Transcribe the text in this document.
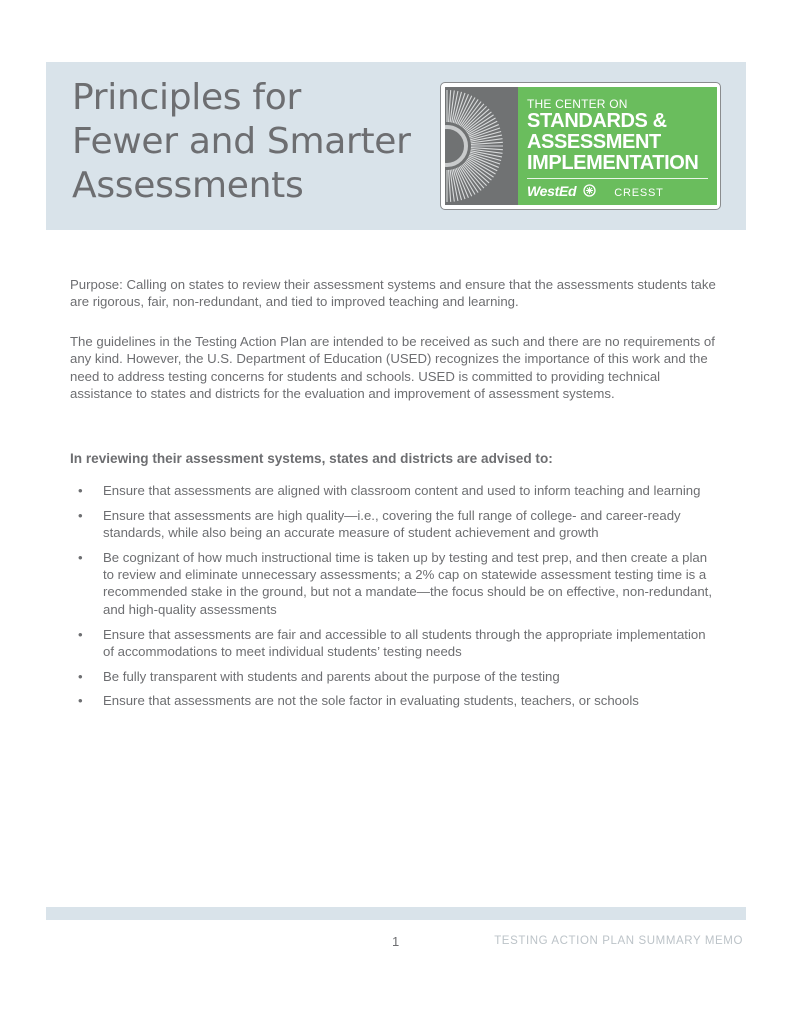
Principles for
Fewer and Smarter
Assessments
THE CENTER ON
STANDARDS &
ASSESSMENT
IMPLEMENTATION
WestEd	CRESST

Purpose: Calling on states to review their assessment systems and ensure that the assessments students take are rigorous, fair, non-redundant, and tied to improved teaching and learning.

The guidelines in the Testing Action Plan are intended to be received as such and there are no requirements of any kind. However, the U.S. Department of Education (USED) recognizes the importance of this work and the need to address testing concerns for students and schools. USED is committed to providing technical assistance to states and districts for the evaluation and improvement of assessment systems.

In reviewing their assessment systems, states and districts are advised to:
• Ensure that assessments are aligned with classroom content and used to inform teaching and learning
• Ensure that assessments are high quality—i.e., covering the full range of college- and career-ready standards, while also being an accurate measure of student achievement and growth
• Be cognizant of how much instructional time is taken up by testing and test prep, and then create a plan to review and eliminate unnecessary assessments; a 2% cap on statewide assessment testing time is a recommended stake in the ground, but not a mandate—the focus should be on effective, non-redundant, and high-quality assessments
• Ensure that assessments are fair and accessible to all students through the appropriate implementation of accommodations to meet individual students’ testing needs
• Be fully transparent with students and parents about the purpose of the testing
• Ensure that assessments are not the sole factor in evaluating students, teachers, or schools
1	TESTING ACTION PLAN SUMMARY MEMO
